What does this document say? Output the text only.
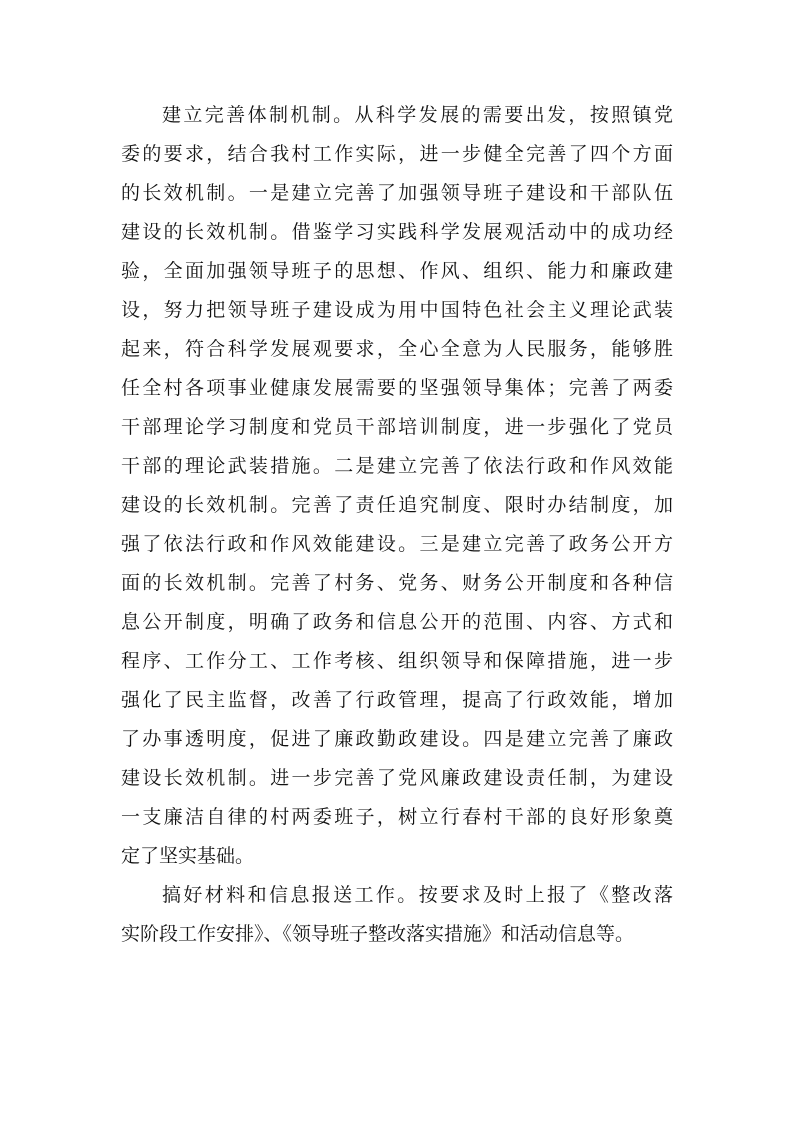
建立完善体制机制。从科学发展的需要出发，按照镇党
委的要求，结合我村工作实际，进一步健全完善了四个方面
的长效机制。一是建立完善了加强领导班子建设和干部队伍
建设的长效机制。借鉴学习实践科学发展观活动中的成功经
验，全面加强领导班子的思想、作风、组织、能力和廉政建
设，努力把领导班子建设成为用中国特色社会主义理论武装
起来，符合科学发展观要求，全心全意为人民服务，能够胜
任全村各项事业健康发展需要的坚强领导集体；完善了两委
干部理论学习制度和党员干部培训制度，进一步强化了党员
干部的理论武装措施。二是建立完善了依法行政和作风效能
建设的长效机制。完善了责任追究制度、限时办结制度，加
强了依法行政和作风效能建设。三是建立完善了政务公开方
面的长效机制。完善了村务、党务、财务公开制度和各种信
息公开制度，明确了政务和信息公开的范围、内容、方式和
程序、工作分工、工作考核、组织领导和保障措施，进一步
强化了民主监督，改善了行政管理，提高了行政效能，增加
了办事透明度，促进了廉政勤政建设。四是建立完善了廉政
建设长效机制。进一步完善了党风廉政建设责任制，为建设
一支廉洁自律的村两委班子，树立行春村干部的良好形象奠
定了坚实基础。
搞好材料和信息报送工作。按要求及时上报了《整改落
实阶段工作安排》、《领导班子整改落实措施》和活动信息等。
